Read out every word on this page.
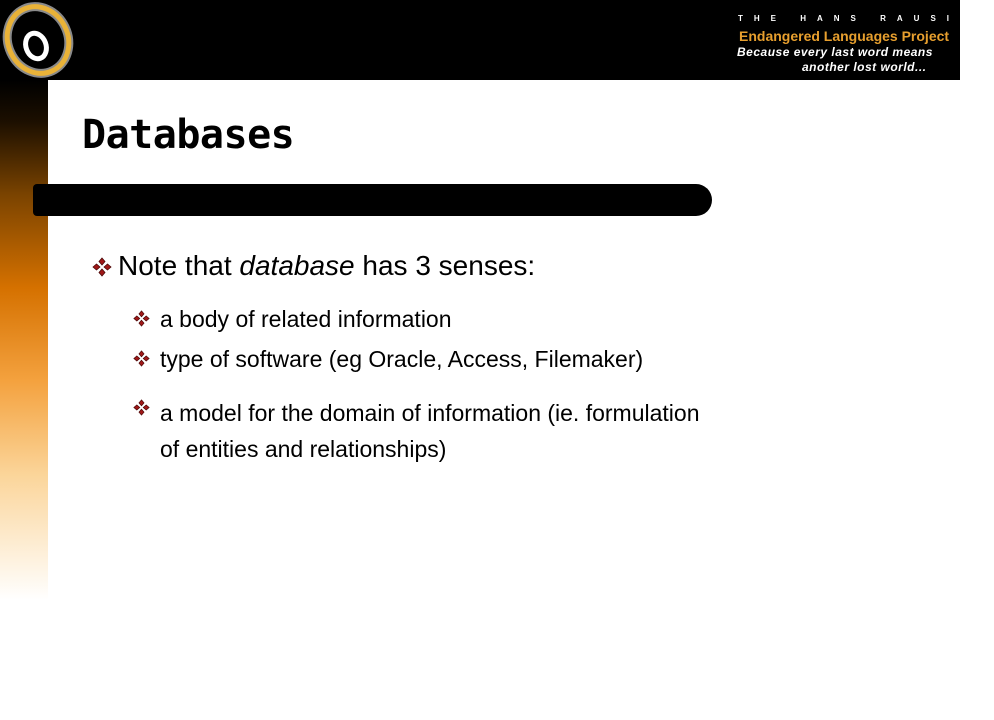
THE HANS RAUSING
Endangered Languages Project
Because every last word means
another lost world...
Databases
Note that database has 3 senses:
a body of related information
type of software (eg Oracle, Access, Filemaker)
a model for the domain of information (ie. formulation
of entities and relationships)
